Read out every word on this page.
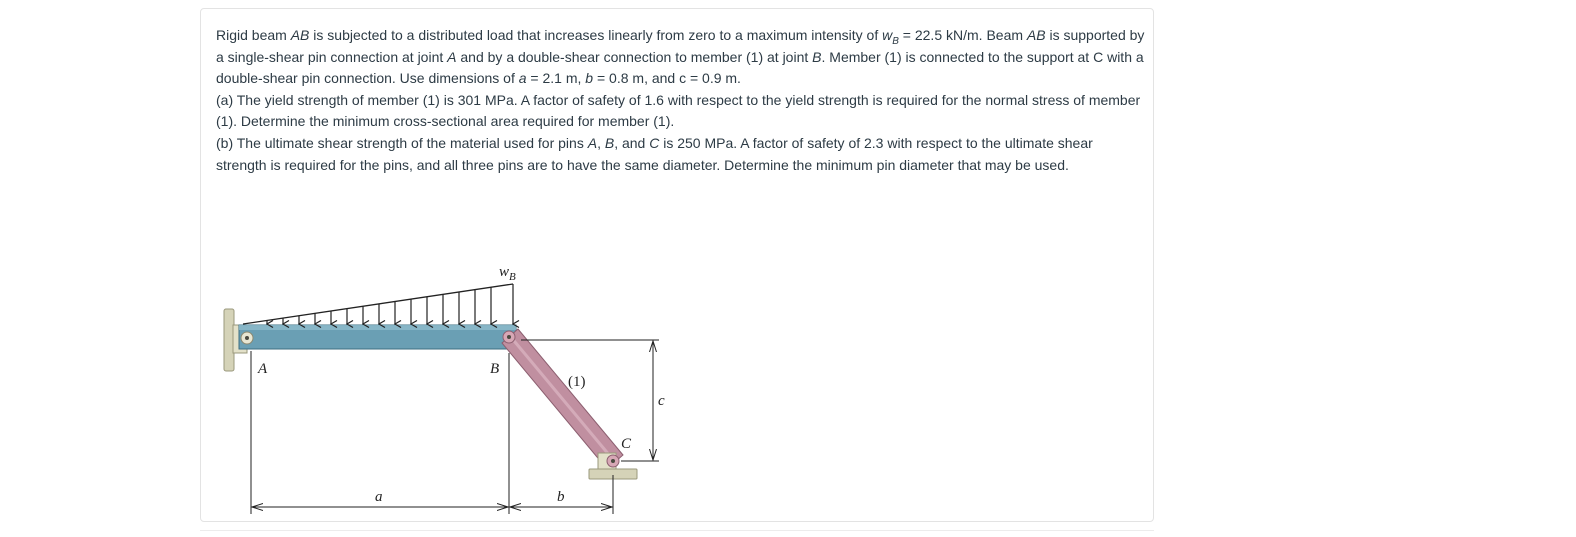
Rigid beam AB is subjected to a distributed load that increases linearly from zero to a maximum intensity of $w_B = 22.5$ kN/m. Beam AB is supported by a single-shear pin connection at joint A and by a double-shear connection to member (1) at joint B. Member (1) is connected to the support at C with a double-shear pin connection. Use dimensions of a = 2.1 m, b = 0.8 m, and c = 0.9 m.

(a) The yield strength of member (1) is 301 MPa. A factor of safety of 1.6 with respect to the yield strength is required for the normal stress of member (1). Determine the minimum cross-sectional area required for member (1).

(b) The ultimate shear strength of the material used for pins A, B, and C is 250 MPa. A factor of safety of 2.3 with respect to the ultimate shear strength is required for the pins, and all three pins are to have the same diameter. Determine the minimum pin diameter that may be used.

$w_B$
A	B
C
(1)
a	b
c
